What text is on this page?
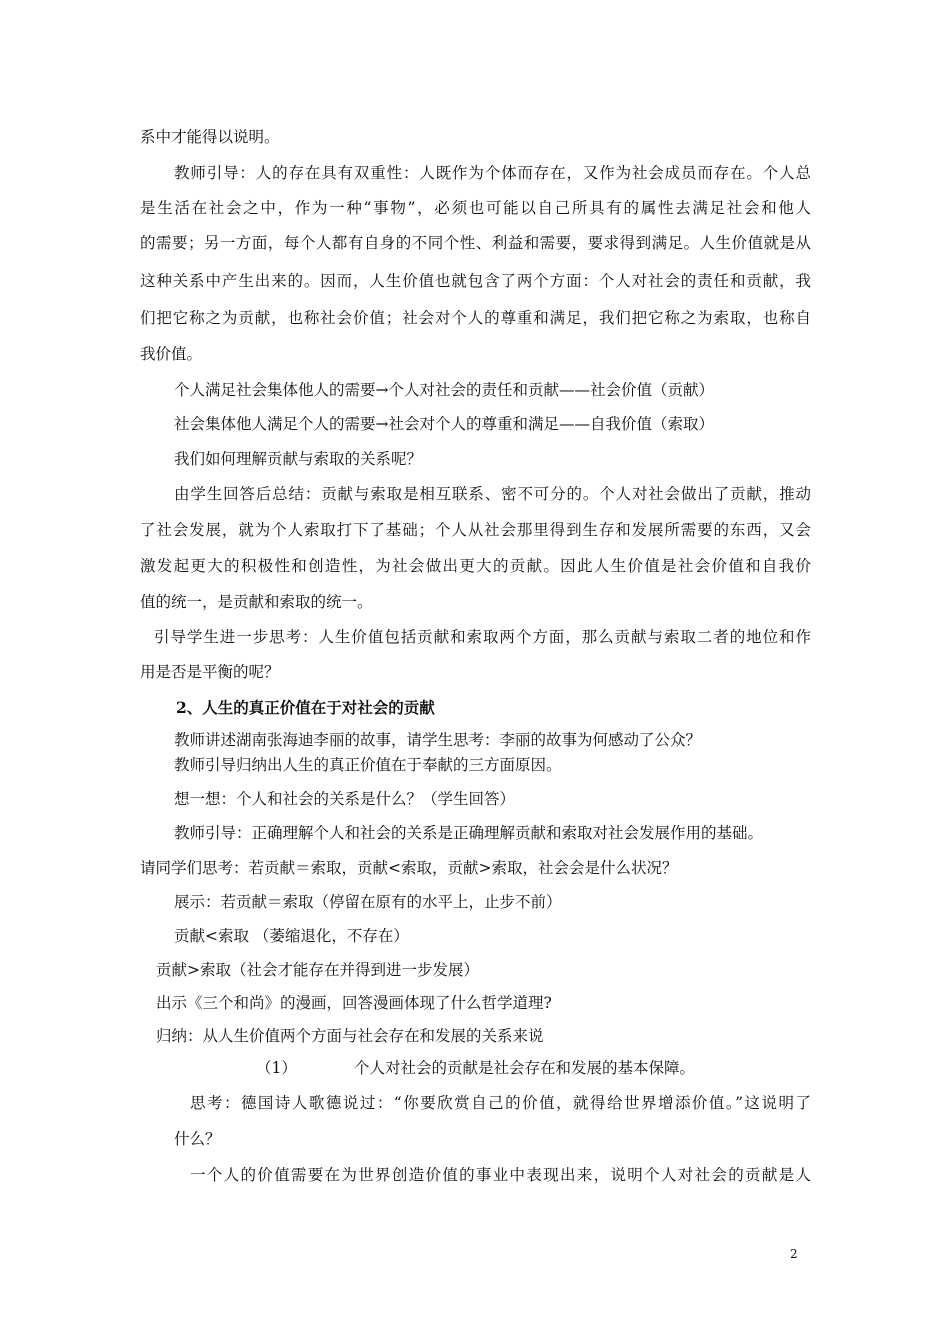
系中才能得以说明。
教师引导：人的存在具有双重性：人既作为个体而存在，又作为社会成员而存在。个人总
是生活在社会之中，作为一种“事物”，必须也可能以自己所具有的属性去满足社会和他人
的需要；另一方面，每个人都有自身的不同个性、利益和需要，要求得到满足。人生价值就是从
这种关系中产生出来的。因而，人生价值也就包含了两个方面：个人对社会的责任和贡献，我
们把它称之为贡献，也称社会价值；社会对个人的尊重和满足，我们把它称之为索取，也称自
我价值。
个人满足社会集体他人的需要→个人对社会的责任和贡献——社会价值（贡献）
社会集体他人满足个人的需要→社会对个人的尊重和满足——自我价值（索取）
我们如何理解贡献与索取的关系呢？
由学生回答后总结：贡献与索取是相互联系、密不可分的。个人对社会做出了贡献，推动
了社会发展，就为个人索取打下了基础；个人从社会那里得到生存和发展所需要的东西，又会
激发起更大的积极性和创造性，为社会做出更大的贡献。因此人生价值是社会价值和自我价
值的统一，是贡献和索取的统一。
引导学生进一步思考：人生价值包括贡献和索取两个方面，那么贡献与索取二者的地位和作
用是否是平衡的呢？
2、人生的真正价值在于对社会的贡献
教师讲述湖南张海迪李丽的故事，请学生思考：李丽的故事为何感动了公众？
教师引导归纳出人生的真正价值在于奉献的三方面原因。
想一想：个人和社会的关系是什么？（学生回答）
教师引导：正确理解个人和社会的关系是正确理解贡献和索取对社会发展作用的基础。
请同学们思考：若贡献＝索取，贡献<索取，贡献>索取，社会会是什么状况？
展示：若贡献＝索取（停留在原有的水平上，止步不前）
贡献<索取 （萎缩退化，不存在）
贡献>索取（社会才能存在并得到进一步发展）
出示《三个和尚》的漫画，回答漫画体现了什么哲学道理?
归纳：从人生价值两个方面与社会存在和发展的关系来说
（1）	个人对社会的贡献是社会存在和发展的基本保障。
思考：德国诗人歌德说过：“你要欣赏自己的价值，就得给世界增添价值。”这说明了
什么？
一个人的价值需要在为世界创造价值的事业中表现出来，说明个人对社会的贡献是人
2
